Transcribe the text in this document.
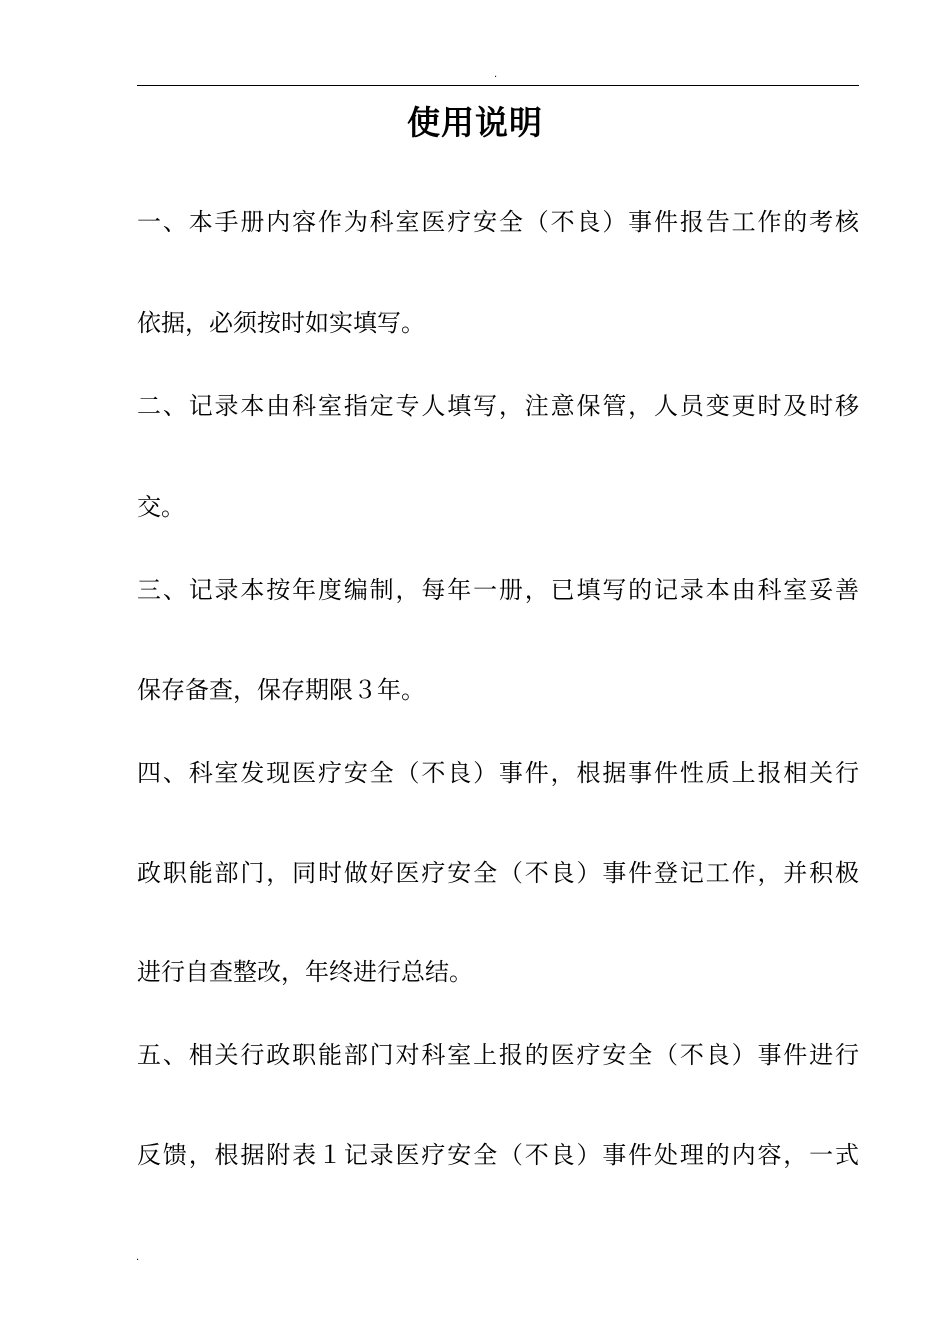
.
使用说明
一、本手册内容作为科室医疗安全（不良）事件报告工作的考核
依据，必须按时如实填写。
二、记录本由科室指定专人填写，注意保管，人员变更时及时移
交。
三、记录本按年度编制，每年一册，已填写的记录本由科室妥善
保存备查，保存期限３年。
四、科室发现医疗安全（不良）事件，根据事件性质上报相关行
政职能部门，同时做好医疗安全（不良）事件登记工作，并积极
进行自查整改，年终进行总结。
五、相关行政职能部门对科室上报的医疗安全（不良）事件进行
反馈，根据附表１记录医疗安全（不良）事件处理的内容，一式
.
